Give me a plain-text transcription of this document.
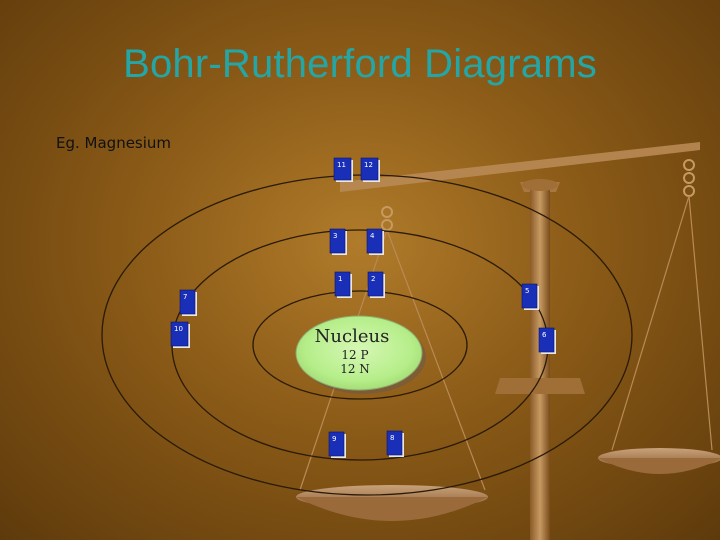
Nucleus
12 P
12 N
1	2
3	4
5
6
7
8
9
10
11	12
Bohr-Rutherford Diagrams
Eg. Magnesium
